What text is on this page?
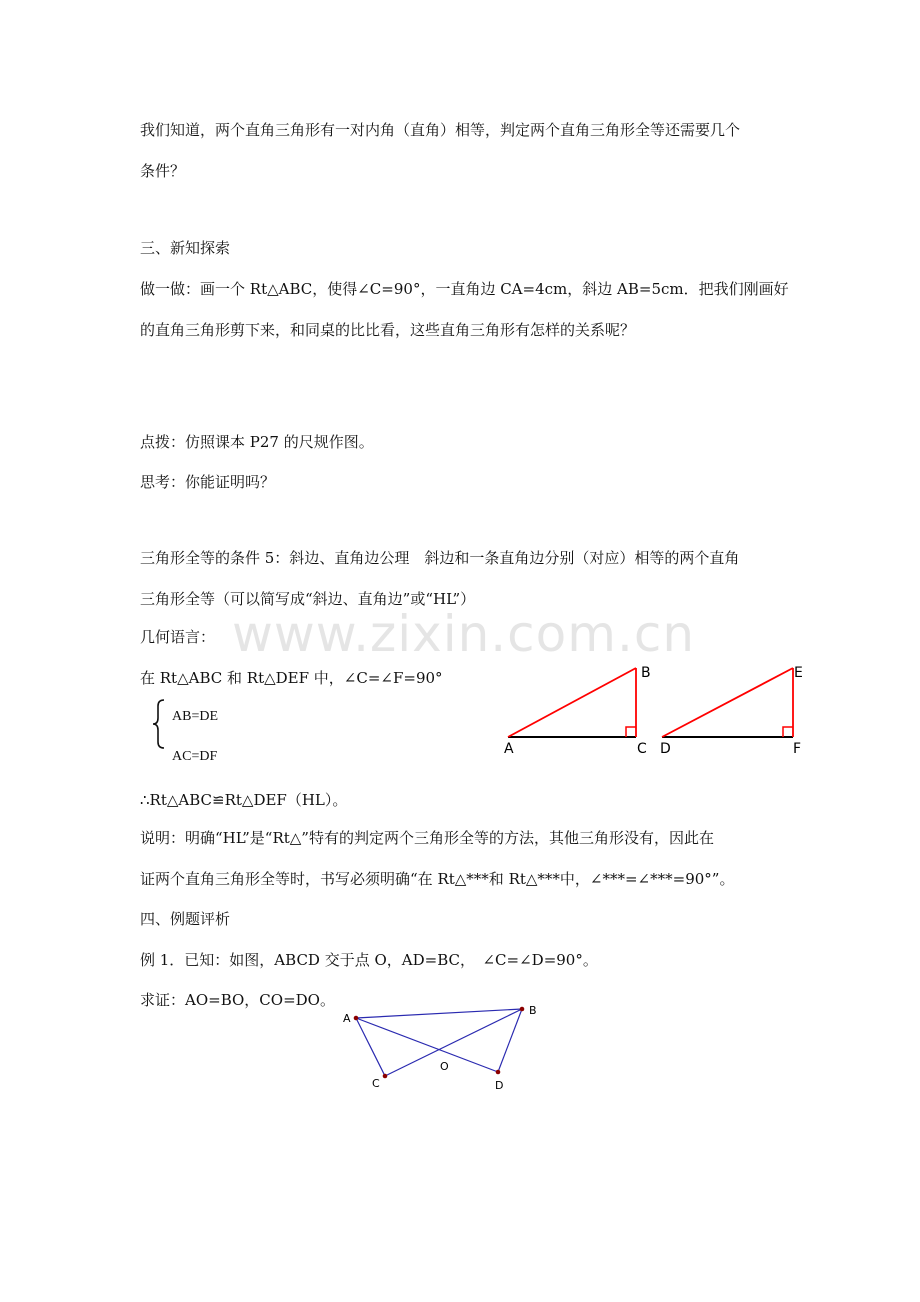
我们知道，两个直角三角形有一对内角（直角）相等，判定两个直角三角形全等还需要几个
条件？
三、新知探索
做一做：画一个 Rt△ABC，使得∠C=90°，一直角边 CA=4cm，斜边 AB=5cm．把我们刚画好
的直角三角形剪下来，和同桌的比比看，这些直角三角形有怎样的关系呢？
点拨：仿照课本 P27 的尺规作图。
思考：你能证明吗？
三角形全等的条件 5：斜边、直角边公理　斜边和一条直角边分别（对应）相等的两个直角
三角形全等（可以简写成“斜边、直角边”或“HL”）
几何语言：
在 Rt△ABC 和 Rt△DEF 中，∠C=∠F=90°
AB=DE
AC=DF	A
B
C D
E
F
∴Rt△ABC≌Rt△DEF（HL）。
说明：明确“HL”是“Rt△”特有的判定两个三角形全等的方法，其他三角形没有，因此在
证两个直角三角形全等时，书写必须明确“在 Rt△***和 Rt△***中，∠***=∠***=90°”。
四、例题评析
例 1．已知：如图，ABCD 交于点 O，AD=BC，　∠C=∠D=90°。
求证：AO=BO，CO=DO。
A
B
C	D
O
www.zixin.com.cn
